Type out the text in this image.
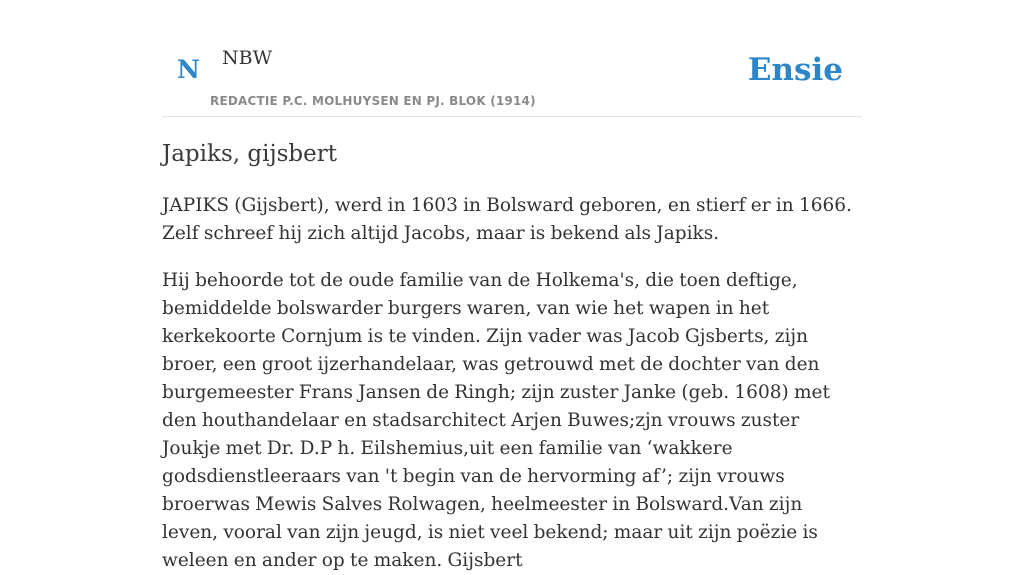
N NBW
REDACTIE P.C. MOLHUYSEN EN PJ. BLOK (1914)
Ensie
Japiks, gijsbert

JAPIKS (Gijsbert), werd in 1603 in Bolsward geboren, en stierf er in 1666. Zelf schreef hij zich altijd Jacobs, maar is bekend als Japiks.

Hij behoorde tot de oude familie van de Holkema's, die toen deftige, bemiddelde bolswarder burgers waren, van wie het wapen in het kerkekoorte Cornjum is te vinden. Zijn vader was Jacob Gjsberts, zijn broer, een groot ijzerhandelaar, was getrouwd met de dochter van den burgemeester Frans Jansen de Ringh; zijn zuster Janke (geb. 1608) met den houthandelaar en stadsarchitect Arjen Buwes;zjn vrouws zuster Joukje met Dr. D.P h. Eilshemius,uit een familie van ‘wakkere godsdienstleeraars van 't begin van de hervorming af’; zijn vrouws broerwas Mewis Salves Rolwagen, heelmeester in Bolsward.Van zijn leven, vooral van zijn jeugd, is niet veel bekend; maar uit zijn poëzie is weleen en ander op te maken. Gijsbert
